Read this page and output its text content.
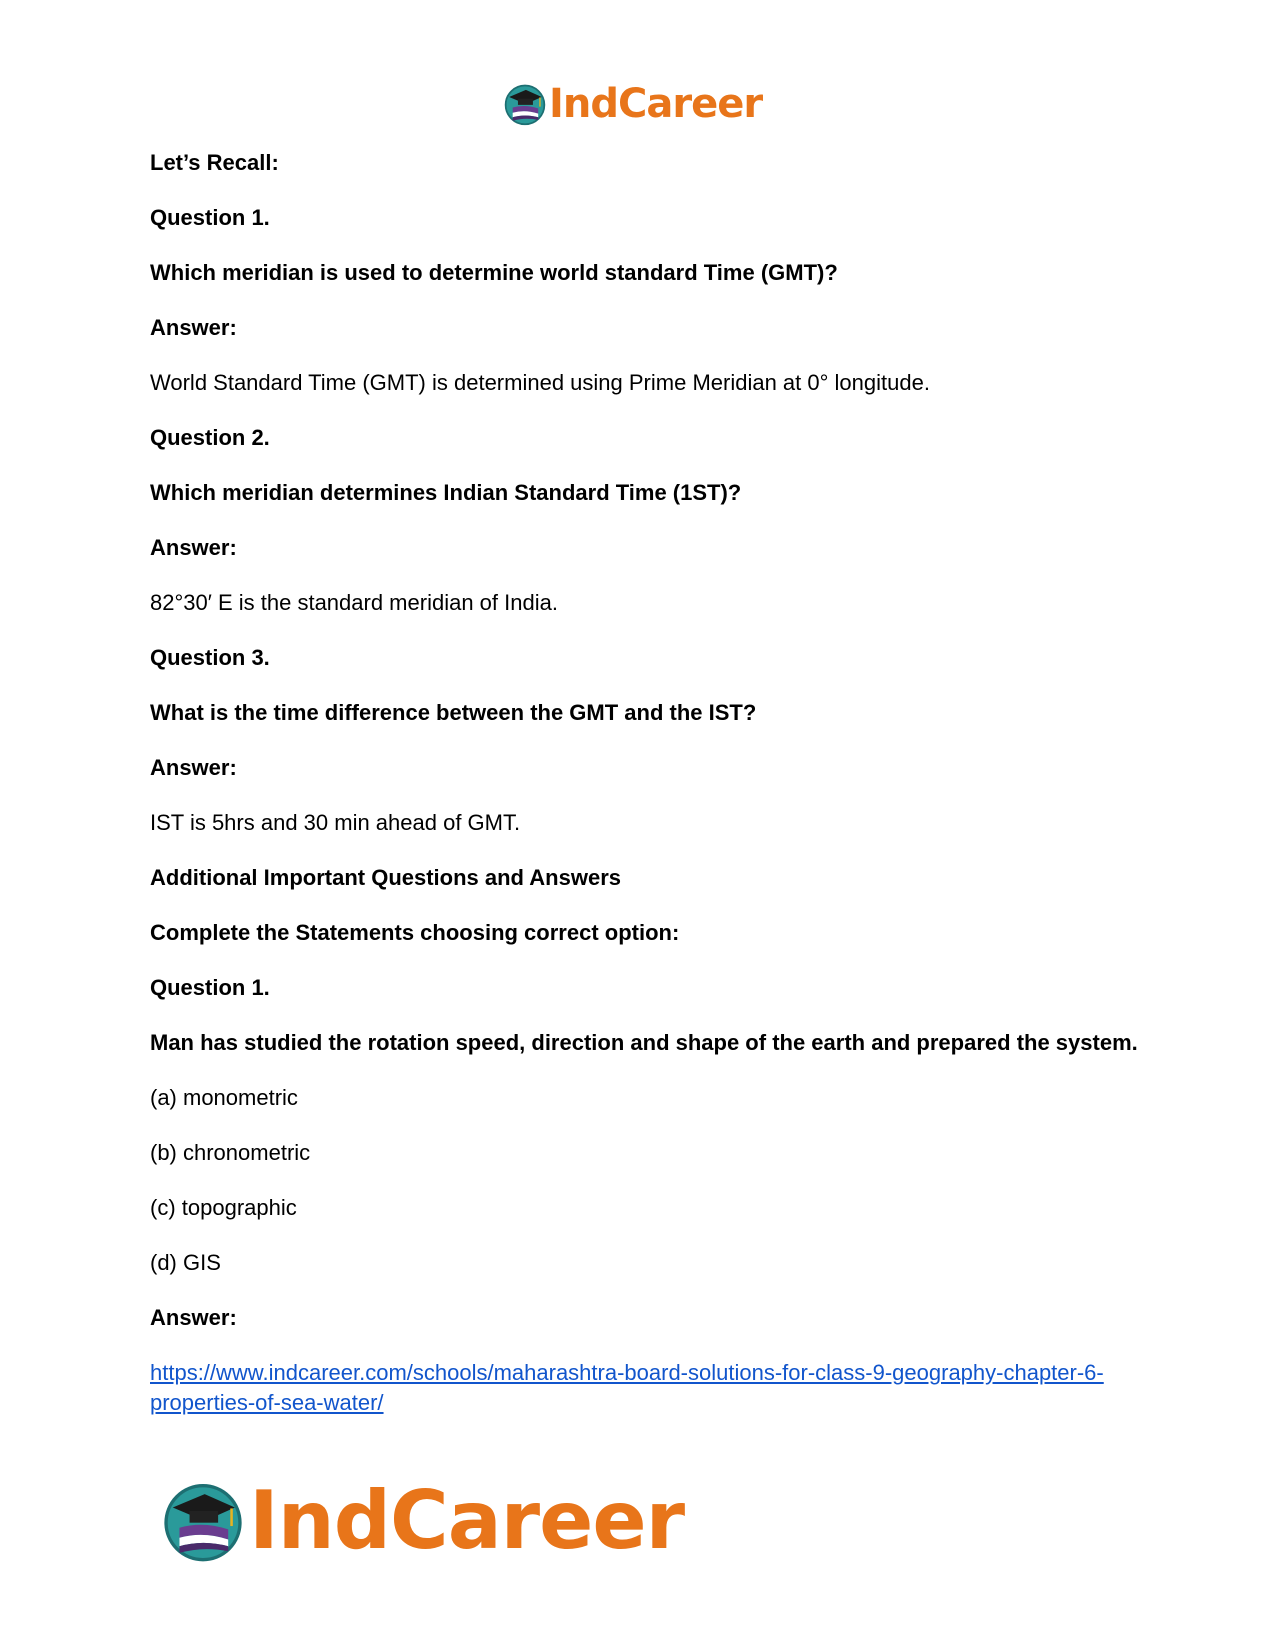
IndCareer

Let’s Recall:

Question 1.

Which meridian is used to determine world standard Time (GMT)?

Answer:

World Standard Time (GMT) is determined using Prime Meridian at 0° longitude.

Question 2.

Which meridian determines Indian Standard Time (1ST)?

Answer:

82°30′ E is the standard meridian of India.

Question 3.

What is the time difference between the GMT and the IST?

Answer:

IST is 5hrs and 30 min ahead of GMT.

Additional Important Questions and Answers

Complete the Statements choosing correct option:

Question 1.

Man has studied the rotation speed, direction and shape of the earth and prepared the system.

(a) monometric

(b) chronometric

(c) topographic

(d) GIS

Answer:

https://www.indcareer.com/schools/maharashtra-board-solutions-for-class-9-geography-chapter-6-properties-of-sea-water/
IndCareer
